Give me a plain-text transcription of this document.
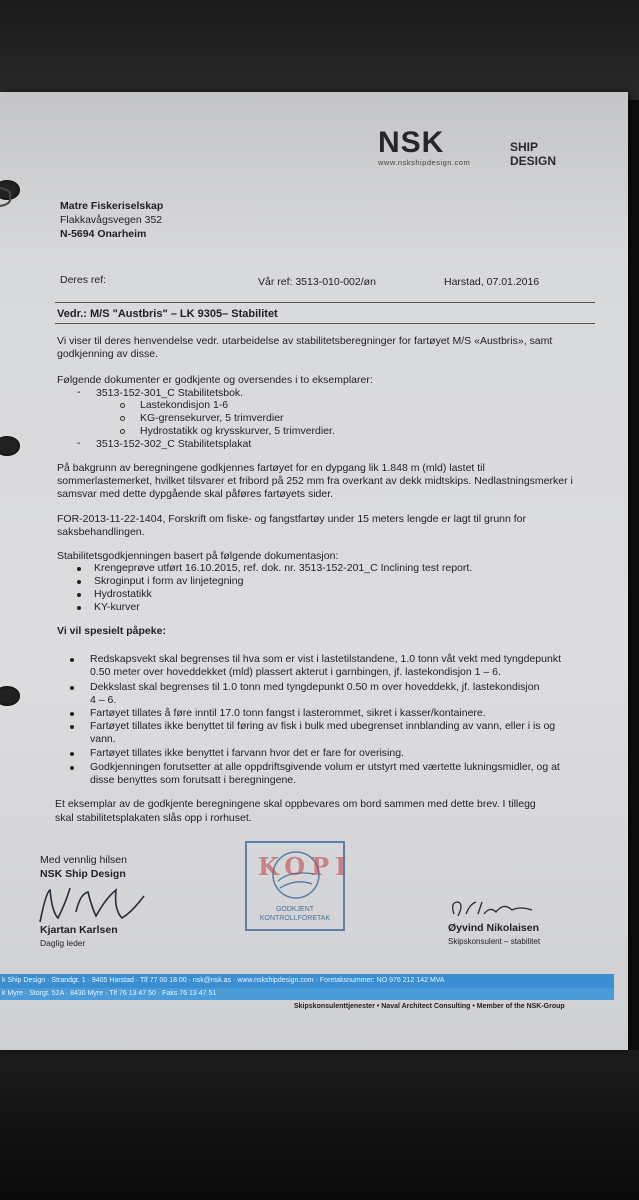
NSK
www.nskshipdesign.com
SHIP DESIGN
Matre Fiskeriselskap
Flakkavågsvegen 352
N-5694 Onarheim
Deres ref:	Vår ref: 3513-010-002/øn	Harstad, 07.01.2016
Vedr.: M/S "Austbris" – LK 9305– Stabilitet
Vi viser til deres henvendelse vedr. utarbeidelse av stabilitetsberegninger for fartøyet M/S «Austbris», samt
godkjenning av disse.
Følgende dokumenter er godkjente og oversendes i to eksemplarer:
- 3513-152-301_C Stabilitetsbok.
Lastekondisjon 1-6
KG-grensekurver, 5 trimverdier
Hydrostatikk og krysskurver, 5 trimverdier.
- 3513-152-302_C Stabilitetsplakat
På bakgrunn av beregningene godkjennes fartøyet for en dypgang lik 1.848 m (mld) lastet til
sommerlastemerket, hvilket tilsvarer et fribord på 252 mm fra overkant av dekk midtskips. Nedlastningsmerker i
samsvar med dette dypgående skal påføres fartøyets sider.
FOR-2013-11-22-1404, Forskrift om fiske- og fangstfartøy under 15 meters lengde er lagt til grunn for
saksbehandlingen.
Stabilitetsgodkjenningen basert på følgende dokumentasjon:
Krengeprøve utført 16.10.2015, ref. dok. nr. 3513-152-201_C Inclining test report.
Skroginput i form av linjetegning
Hydrostatikk
KY-kurver
Vi vil spesielt påpeke:
Redskapsvekt skal begrenses til hva som er vist i lastetilstandene, 1.0 tonn våt vekt med tyngdepunkt
0.50 meter over hoveddekket (mld) plassert akterut i garnbingen, jf. lastekondisjon 1 – 6.
Dekkslast skal begrenses til 1.0 tonn med tyngdepunkt 0.50 m over hoveddekk, jf. lastekondisjon
4 – 6.
Fartøyet tillates å føre inntil 17.0 tonn fangst i lasterommet, sikret i kasser/kontainere.
Fartøyet tillates ikke benyttet til føring av fisk i bulk med ubegrenset innblanding av vann, eller i is og
vann.
Fartøyet tillates ikke benyttet i farvann hvor det er fare for overising.
Godkjenningen forutsetter at alle oppdriftsgivende volum er utstyrt med værtette lukningsmidler, og at
disse benyttes som forutsatt i beregningene.
Et eksemplar av de godkjente beregningene skal oppbevares om bord sammen med dette brev. I tillegg
skal stabilitetsplakaten slås opp i rorhuset.
Med vennlig hilsen
NSK Ship Design
Kjartan Karlsen
Daglig leder
KOPI
GODKJENT
KONTROLLFORETAK
Øyvind Nikolaisen
Skipskonsulent – stabilitet
k Ship Design · Strandgt. 1 · 9405 Harstad · Tlf 77 00 18 00 · nsk@nsk.as · www.nskshipdesign.com · Foretaksnummer: NO 976 212 142 MVA
k Myre · Storgt. 52A · 8430 Myre · Tlf 76 13 47 50 · Faks 76 13 47 51
Skipskonsulenttjenester • Naval Architect Consulting • Member of the NSK-Group
